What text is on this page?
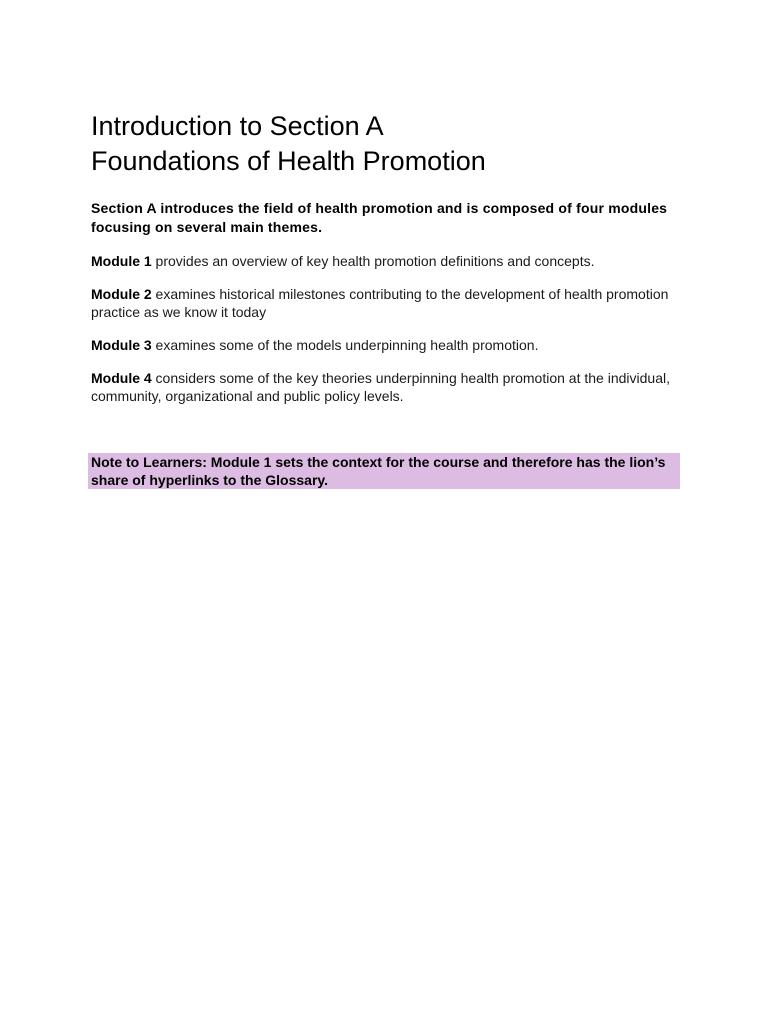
Introduction to Section A
Foundations of Health Promotion

Section A introduces the field of health promotion and is composed of four modules focusing on several main themes.

Module 1 provides an overview of key health promotion definitions and concepts.

Module 2 examines historical milestones contributing to the development of health promotion practice as we know it today

Module 3 examines some of the models underpinning health promotion.

Module 4 considers some of the key theories underpinning health promotion at the individual, community, organizational and public policy levels.

Note to Learners: Module 1 sets the context for the course and therefore has the lion’s share of hyperlinks to the Glossary.
